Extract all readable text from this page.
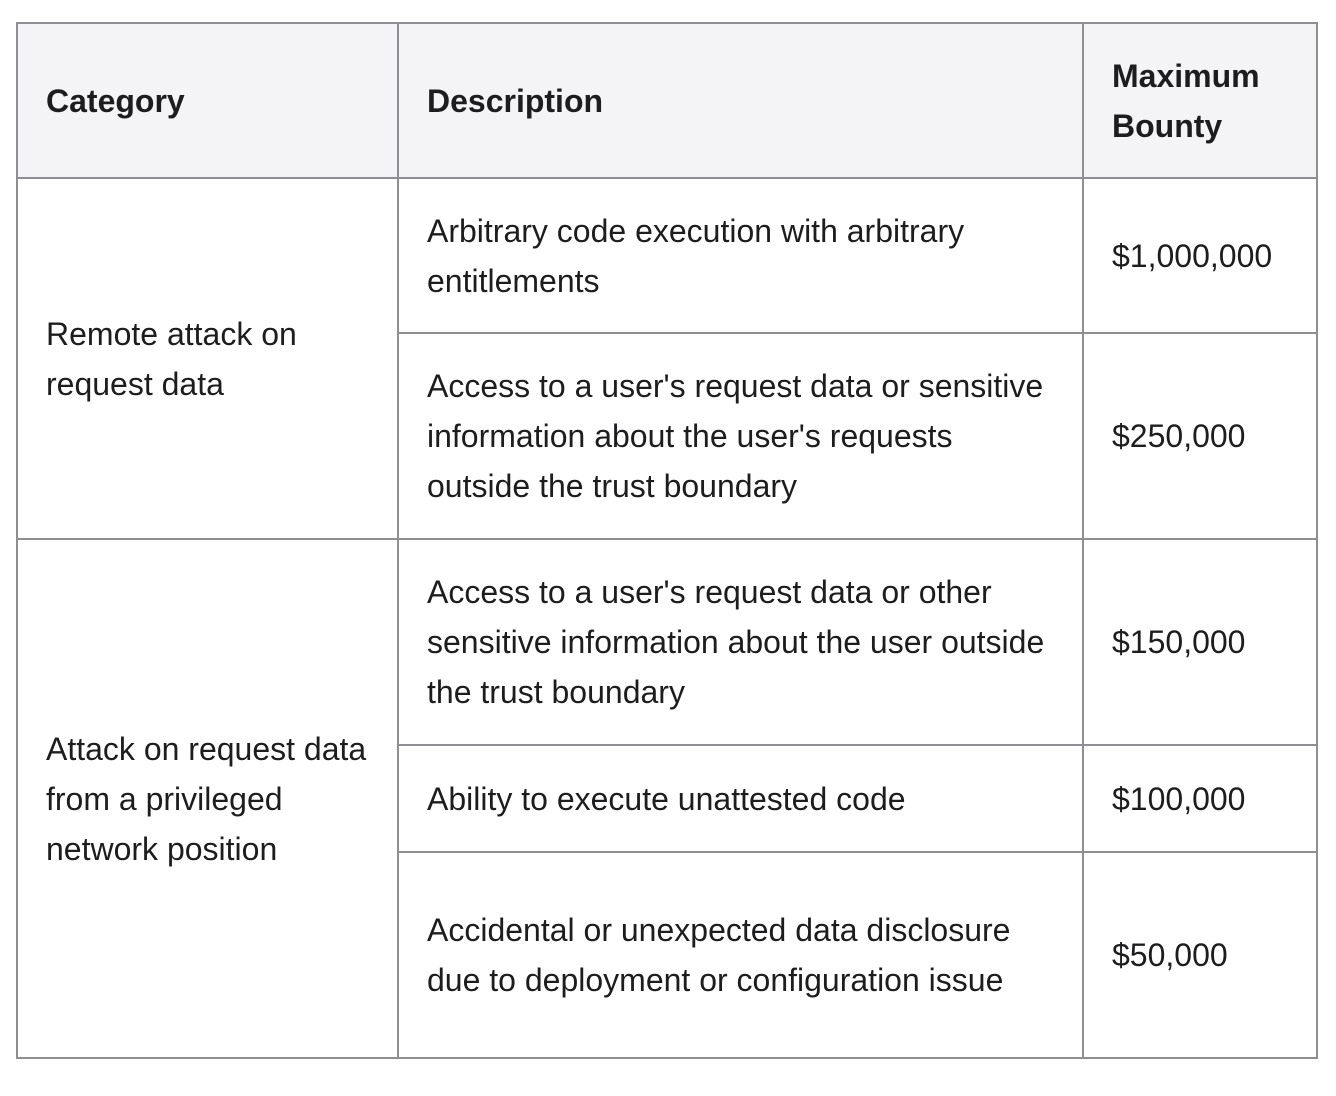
Category	Description	Maximum Bounty
Remote attack on request data	Arbitrary code execution with arbitrary entitlements	$1,000,000
	Access to a user's request data or sensitive information about the user's requests outside the trust boundary	$250,000
Attack on request data from a privileged network position	Access to a user's request data or other sensitive information about the user outside the trust boundary	$150,000
	Ability to execute unattested code	$100,000
	Accidental or unexpected data disclosure due to deployment or configuration issue	$50,000
